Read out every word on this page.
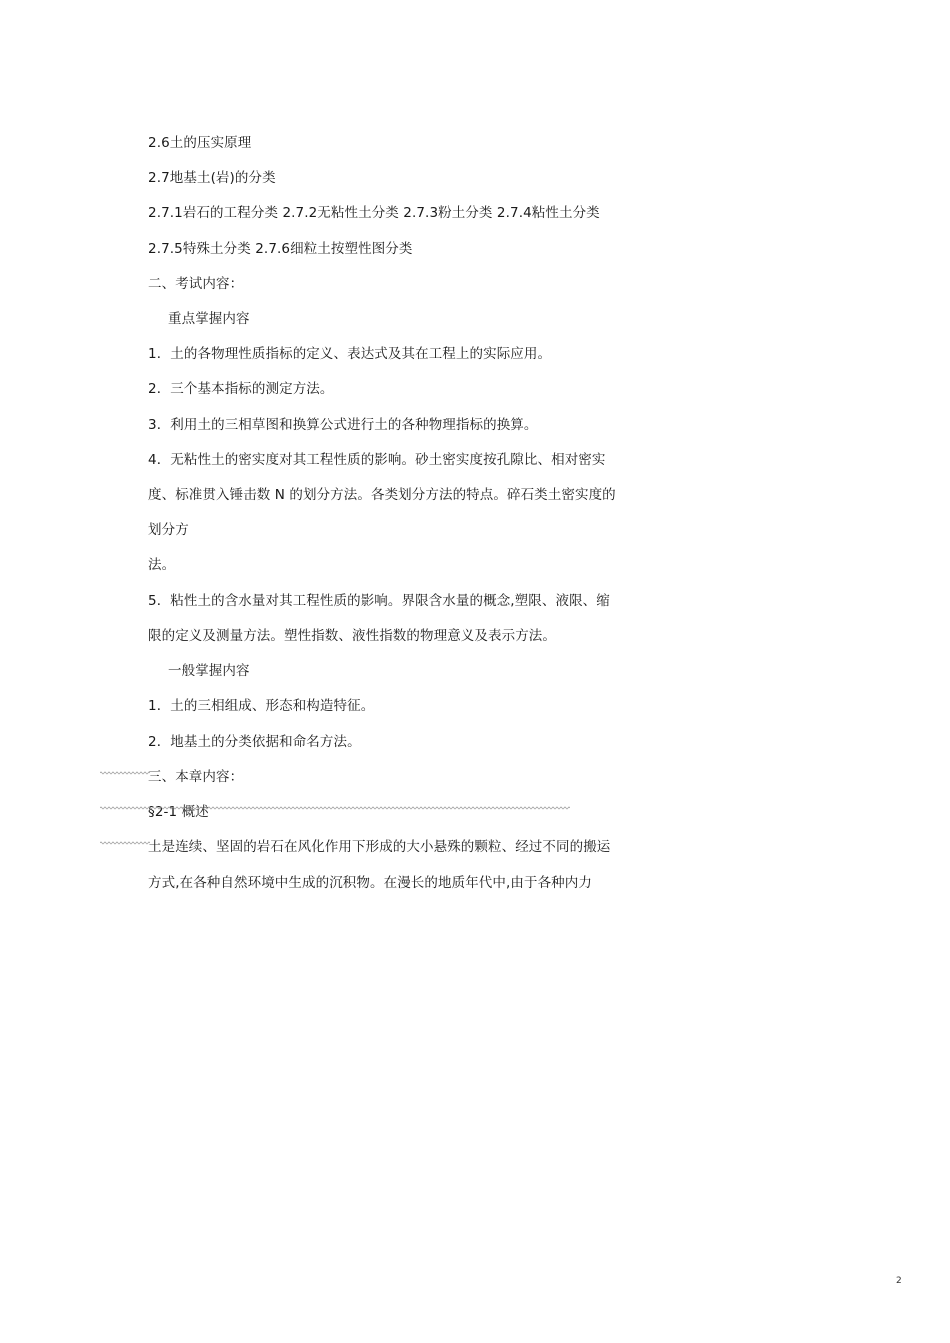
2.6土的压实原理
2.7地基土(岩)的分类
2.7.1岩石的工程分类 2.7.2无粘性土分类 2.7.3粉土分类 2.7.4粘性土分类
2.7.5特殊土分类 2.7.6细粒土按塑性图分类
二、考试内容：
重点掌握内容
1．土的各物理性质指标的定义、表达式及其在工程上的实际应用。
2．三个基本指标的测定方法。
3．利用土的三相草图和换算公式进行土的各种物理指标的换算。
4．无粘性土的密实度对其工程性质的影响。砂土密实度按孔隙比、相对密实
度、标准贯入锤击数 N 的划分方法。各类划分方法的特点。碎石类土密实度的
划分方
法。
5．粘性土的含水量对其工程性质的影响。界限含水量的概念,塑限、液限、缩
限的定义及测量方法。塑性指数、液性指数的物理意义及表示方法。
一般掌握内容
1．土的三相组成、形态和构造特征。
2．地基土的分类依据和命名方法。
三、本章内容：
§2-1 概述
土是连续、坚固的岩石在风化作用下形成的大小悬殊的颗粒、经过不同的搬运
方式,在各种自然环境中生成的沉积物。在漫长的地质年代中,由于各种内力
2
